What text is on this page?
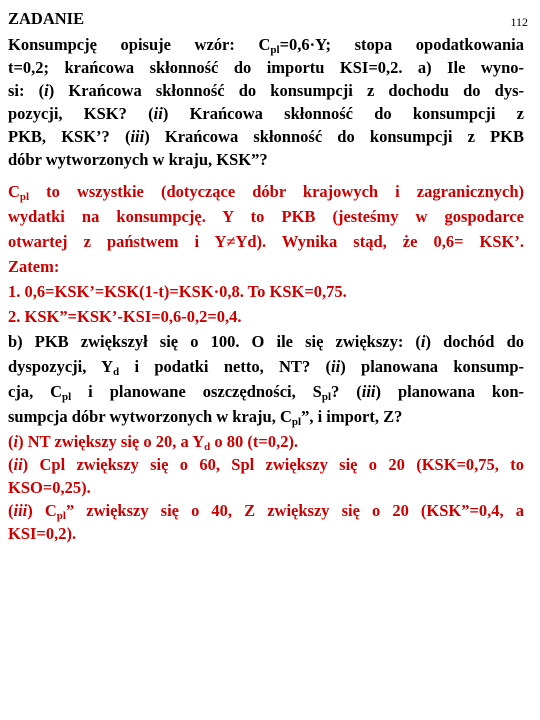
ZADANIE	112
Konsumpcję opisuje wzór: $C_{pl}=0,6\cdot Y$; stopa opodatkowania
t=0,2; krańcowa skłonność do importu KSI=0,2. a) Ile wyno-
si: (i) Krańcowa skłonność do konsumpcji z dochodu do dys-
pozycji, KSK? (ii) Krańcowa skłonność do konsumpcji z
PKB, KSK’? (iii) Krańcowa skłonność do konsumpcji z PKB
dóbr wytworzonych w kraju, KSK”?
$C_{pl}$ to wszystkie (dotyczące dóbr krajowych i zagranicznych)
wydatki na konsumpcję. Y to PKB (jesteśmy w gospodarce
otwartej z państwem i Y≠Yd). Wynika stąd, że 0,6= KSK’.
Zatem:
1. 0,6=KSK’=KSK(1-t)=KSK·0,8. To KSK=0,75.
2. KSK”=KSK’-KSI=0,6-0,2=0,4.
b) PKB zwiększył się o 100. O ile się zwiększy: (i) dochód do
dyspozycji, $Y_d$ i podatki netto, NT? (ii) planowana konsump-
cja, $C_{pl}$ i planowane oszczędności, $S_{pl}$? (iii) planowana kon-
sumpcja dóbr wytworzonych w kraju, $C_{pl}$”, i import, Z?
(i) NT zwiększy się o 20, a $Y_d$ o 80 (t=0,2).
(ii) Cpl zwiększy się o 60, Spl zwiększy się o 20 (KSK=0,75, to
KSO=0,25).
(iii) $C_{pl}$” zwiększy się o 40, Z zwiększy się o 20 (KSK”=0,4, a
KSI=0,2).
